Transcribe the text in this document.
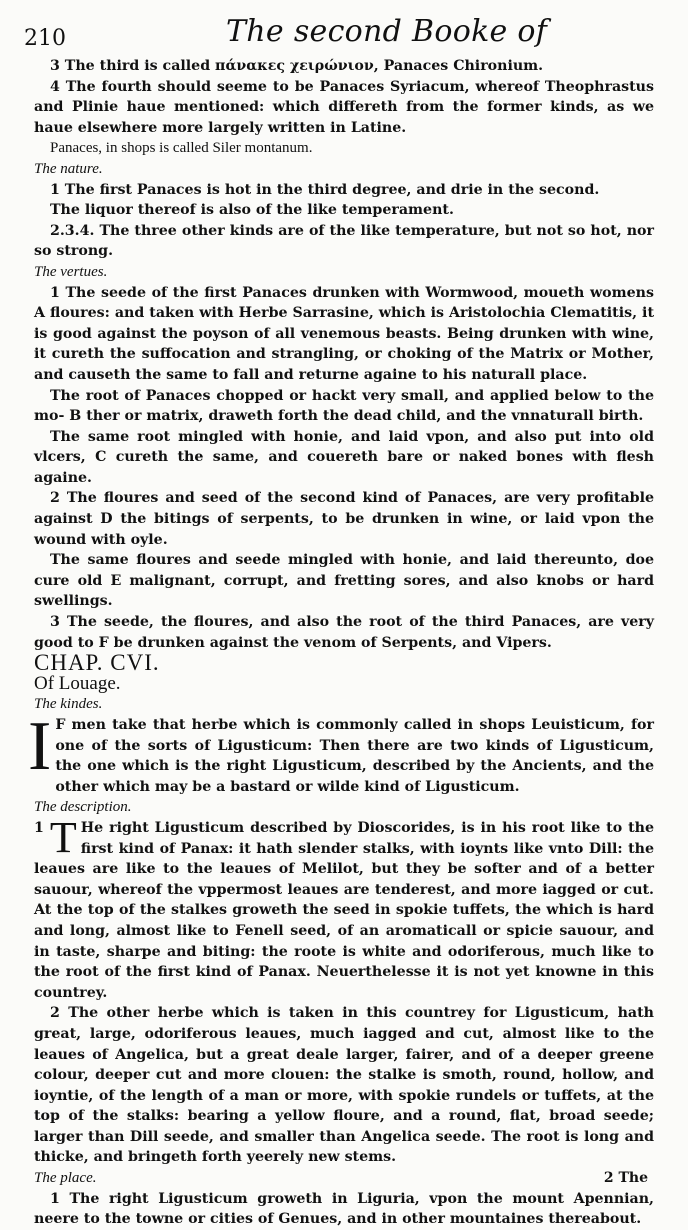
210	The second Booke of

3 The third is called πάνακες χειρώνιον, Panaces Chironium.

4 The fourth should seeme to be Panaces Syriacum, whereof Theophrastus and Plinie haue mentioned: which differeth from the former kinds, as we haue elsewhere more largely written in Latine.

Panaces, in shops is called Siler montanum.

The nature.

1 The first Panaces is hot in the third degree, and drie in the second.

The liquor thereof is also of the like temperament.

2.3.4. The three other kinds are of the like temperature, but not so hot, nor so strong.

The vertues.

1 The seede of the first Panaces drunken with Wormwood, moueth womens A floures: and taken with Herbe Sarrasine, which is Aristolochia Clematitis, it is good against the poyson of all venemous beasts. Being drunken with wine, it cureth the suffocation and strangling, or choking of the Matrix or Mother, and causeth the same to fall and returne againe to his naturall place.

The root of Panaces chopped or hackt very small, and applied below to the mo- B ther or matrix, draweth forth the dead child, and the vnnaturall birth.

The same root mingled with honie, and laid vpon, and also put into old vlcers, C cureth the same, and couereth bare or naked bones with flesh againe.

2 The floures and seed of the second kind of Panaces, are very profitable against D the bitings of serpents, to be drunken in wine, or laid vpon the wound with oyle.

The same floures and seede mingled with honie, and laid thereunto, doe cure old E malignant, corrupt, and fretting sores, and also knobs or hard swellings.

3 The seede, the floures, and also the root of the third Panaces, are very good to F be drunken against the venom of Serpents, and Vipers.

CHAP. CVI.

Of Louage.

The kindes.

I F men take that herbe which is commonly called in shops Leuisticum, for one of the sorts of Ligusticum: Then there are two kinds of Ligusticum, the one which is the right Ligusticum, described by the Ancients, and the other which may be a bastard or wilde kind of Ligusticum.

The description.

1 T He right Ligusticum described by Dioscorides, is in his root like to the first kind of Panax: it hath slender stalks, with ioynts like vnto Dill: the leaues are like to the leaues of Melilot, but they be softer and of a better sauour, whereof the vppermost leaues are tenderest, and more iagged or cut. At the top of the stalkes groweth the seed in spokie tuffets, the which is hard and long, almost like to Fenell seed, of an aromaticall or spicie sauour, and in taste, sharpe and biting: the roote is white and odoriferous, much like to the root of the first kind of Panax. Neuerthelesse it is not yet knowne in this countrey.

2 The other herbe which is taken in this countrey for Ligusticum, hath great, large, odoriferous leaues, much iagged and cut, almost like to the leaues of Angelica, but a great deale larger, fairer, and of a deeper greene colour, deeper cut and more clouen: the stalke is smoth, round, hollow, and ioyntie, of the length of a man or more, with spokie rundels or tuffets, at the top of the stalks: bearing a yellow floure, and a round, flat, broad seede; larger than Dill seede, and smaller than Angelica seede. The root is long and thicke, and bringeth forth yeerely new stems.

The place.

1 The right Ligusticum groweth in Liguria, vpon the mount Apennian, neere to the towne or cities of Genues, and in other mountaines thereabout.

2 The
